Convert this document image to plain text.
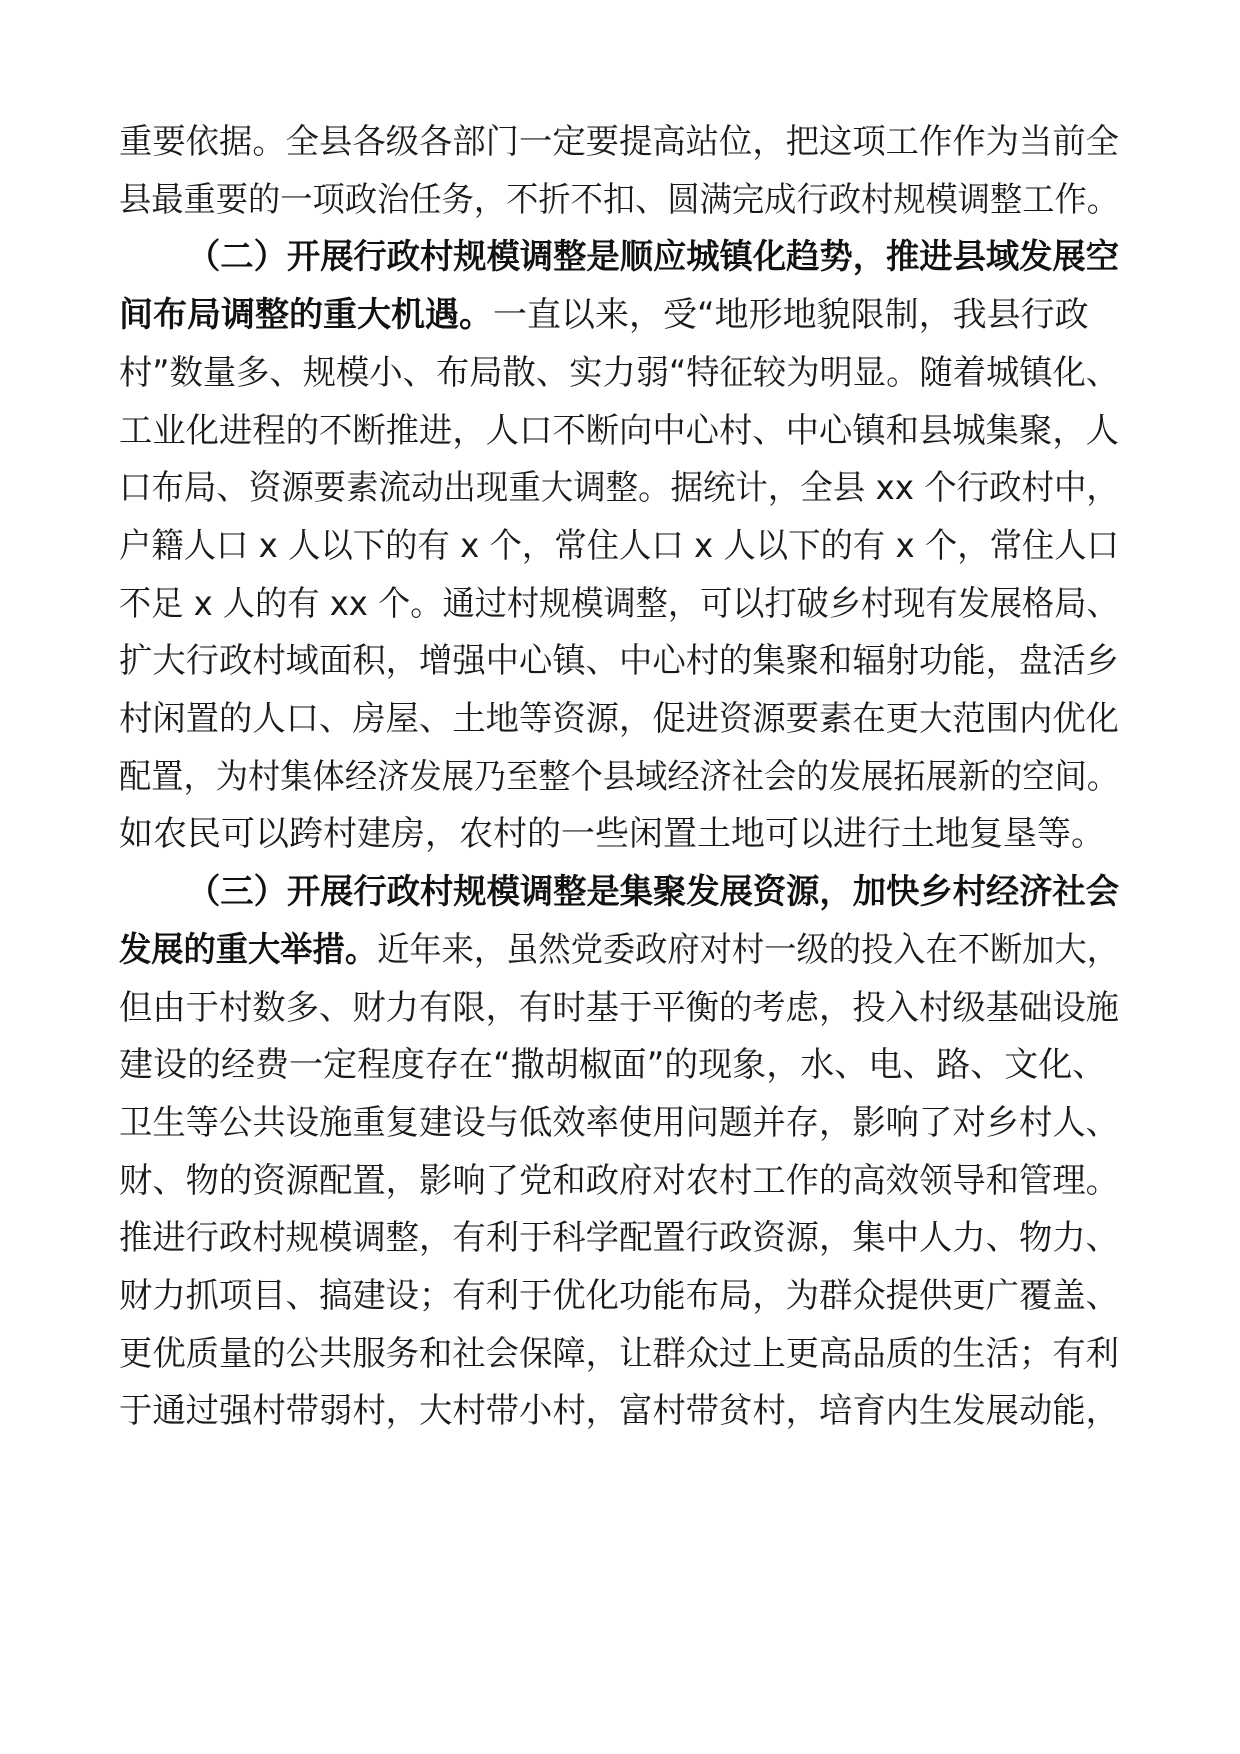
重要依据。全县各级各部门一定要提高站位，把这项工作作为当前全
县最重要的一项政治任务，不折不扣、圆满完成行政村规模调整工作。
（二）开展行政村规模调整是顺应城镇化趋势，推进县域发展空
间布局调整的重大机遇。一直以来，受“地形地貌限制，我县行政
村”数量多、规模小、布局散、实力弱“特征较为明显。随着城镇化、
工业化进程的不断推进，人口不断向中心村、中心镇和县城集聚，人
口布局、资源要素流动出现重大调整。据统计，全县 xx 个行政村中，
户籍人口 x 人以下的有 x 个，常住人口 x 人以下的有 x 个，常住人口
不足 x 人的有 xx 个。通过村规模调整，可以打破乡村现有发展格局、
扩大行政村域面积，增强中心镇、中心村的集聚和辐射功能，盘活乡
村闲置的人口、房屋、土地等资源，促进资源要素在更大范围内优化
配置，为村集体经济发展乃至整个县域经济社会的发展拓展新的空间。
如农民可以跨村建房，农村的一些闲置土地可以进行土地复垦等。
（三）开展行政村规模调整是集聚发展资源，加快乡村经济社会
发展的重大举措。近年来，虽然党委政府对村一级的投入在不断加大，
但由于村数多、财力有限，有时基于平衡的考虑，投入村级基础设施
建设的经费一定程度存在“撒胡椒面”的现象，水、电、路、文化、
卫生等公共设施重复建设与低效率使用问题并存，影响了对乡村人、
财、物的资源配置，影响了党和政府对农村工作的高效领导和管理。
推进行政村规模调整，有利于科学配置行政资源，集中人力、物力、
财力抓项目、搞建设；有利于优化功能布局，为群众提供更广覆盖、
更优质量的公共服务和社会保障，让群众过上更高品质的生活；有利
于通过强村带弱村，大村带小村，富村带贫村，培育内生发展动能，
